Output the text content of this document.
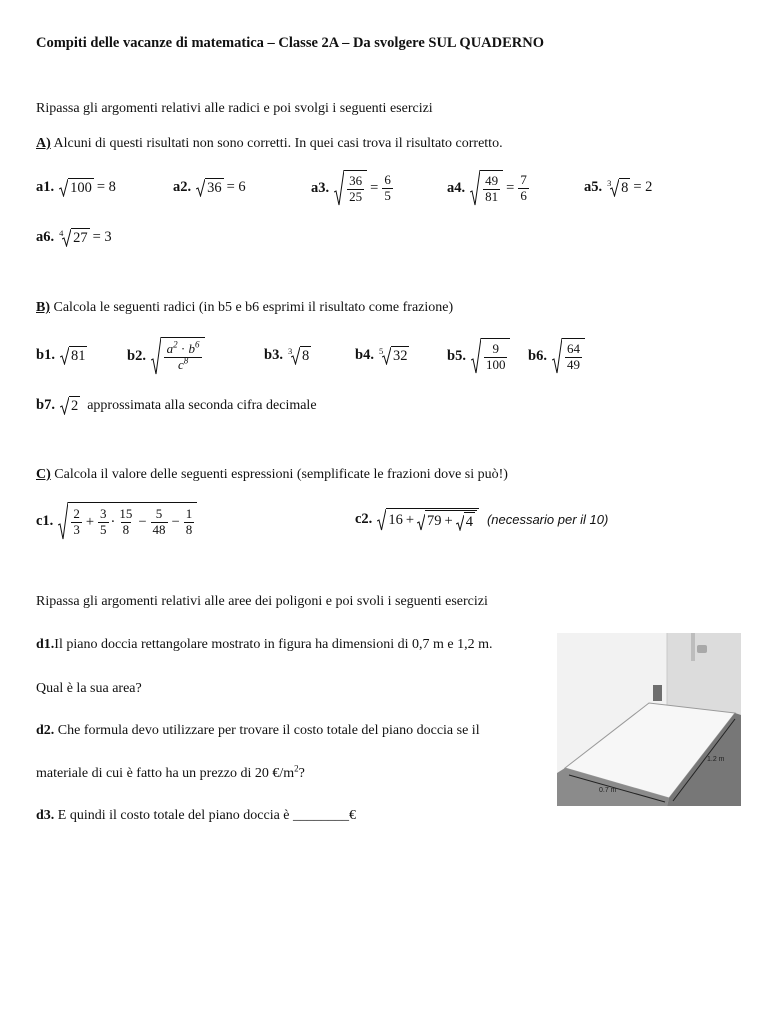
Compiti delle vacanze di matematica – Classe 2A – Da svolgere SUL QUADERNO
Ripassa gli argomenti relativi alle radici e poi svolgi i seguenti esercizi
A) Alcuni di questi risultati non sono corretti. In quei casi trova il risultato corretto.
a1. 100 = 8	a2. 36 = 6	a3. $\frac{36}{25} = \frac{6}{5}$	a4. $\frac{49}{81} = \frac{7}{6}$	a5. 3 8 = 2
a6. 4 27 = 3
B) Calcola le seguenti radici (in b5 e b6 esprimi il risultato come frazione)
b1. 81	b2. $\frac{a^2 \cdot b^6}{c^8}$	b3. 3 8	b4. 5 32	b5. $\frac{9}{100} b6$. $\frac{64}{49}$
b7. 2 approssimata alla seconda cifra decimale
C) Calcola il valore delle seguenti espressioni (semplificate le frazioni dove si può!)
c1. $\frac{2}{3} + \frac{3}{5} \cdot \frac{15}{8} - \frac{5}{48} - \frac{1}{8}$	c2. 16 + 79 + 4 (necessario per il 10)
Ripassa gli argomenti relativi alle aree dei poligoni e poi svoli i seguenti esercizi
d1.Il piano doccia rettangolare mostrato in figura ha dimensioni di 0,7 m e 1,2 m.
Qual è la sua area?
d2. Che formula devo utilizzare per trovare il costo totale del piano doccia se il
materiale di cui è fatto ha un prezzo di 20 $€/m^2$?
d3. E quindi il costo totale del piano doccia è ________€
0.7 m
1.2 m
